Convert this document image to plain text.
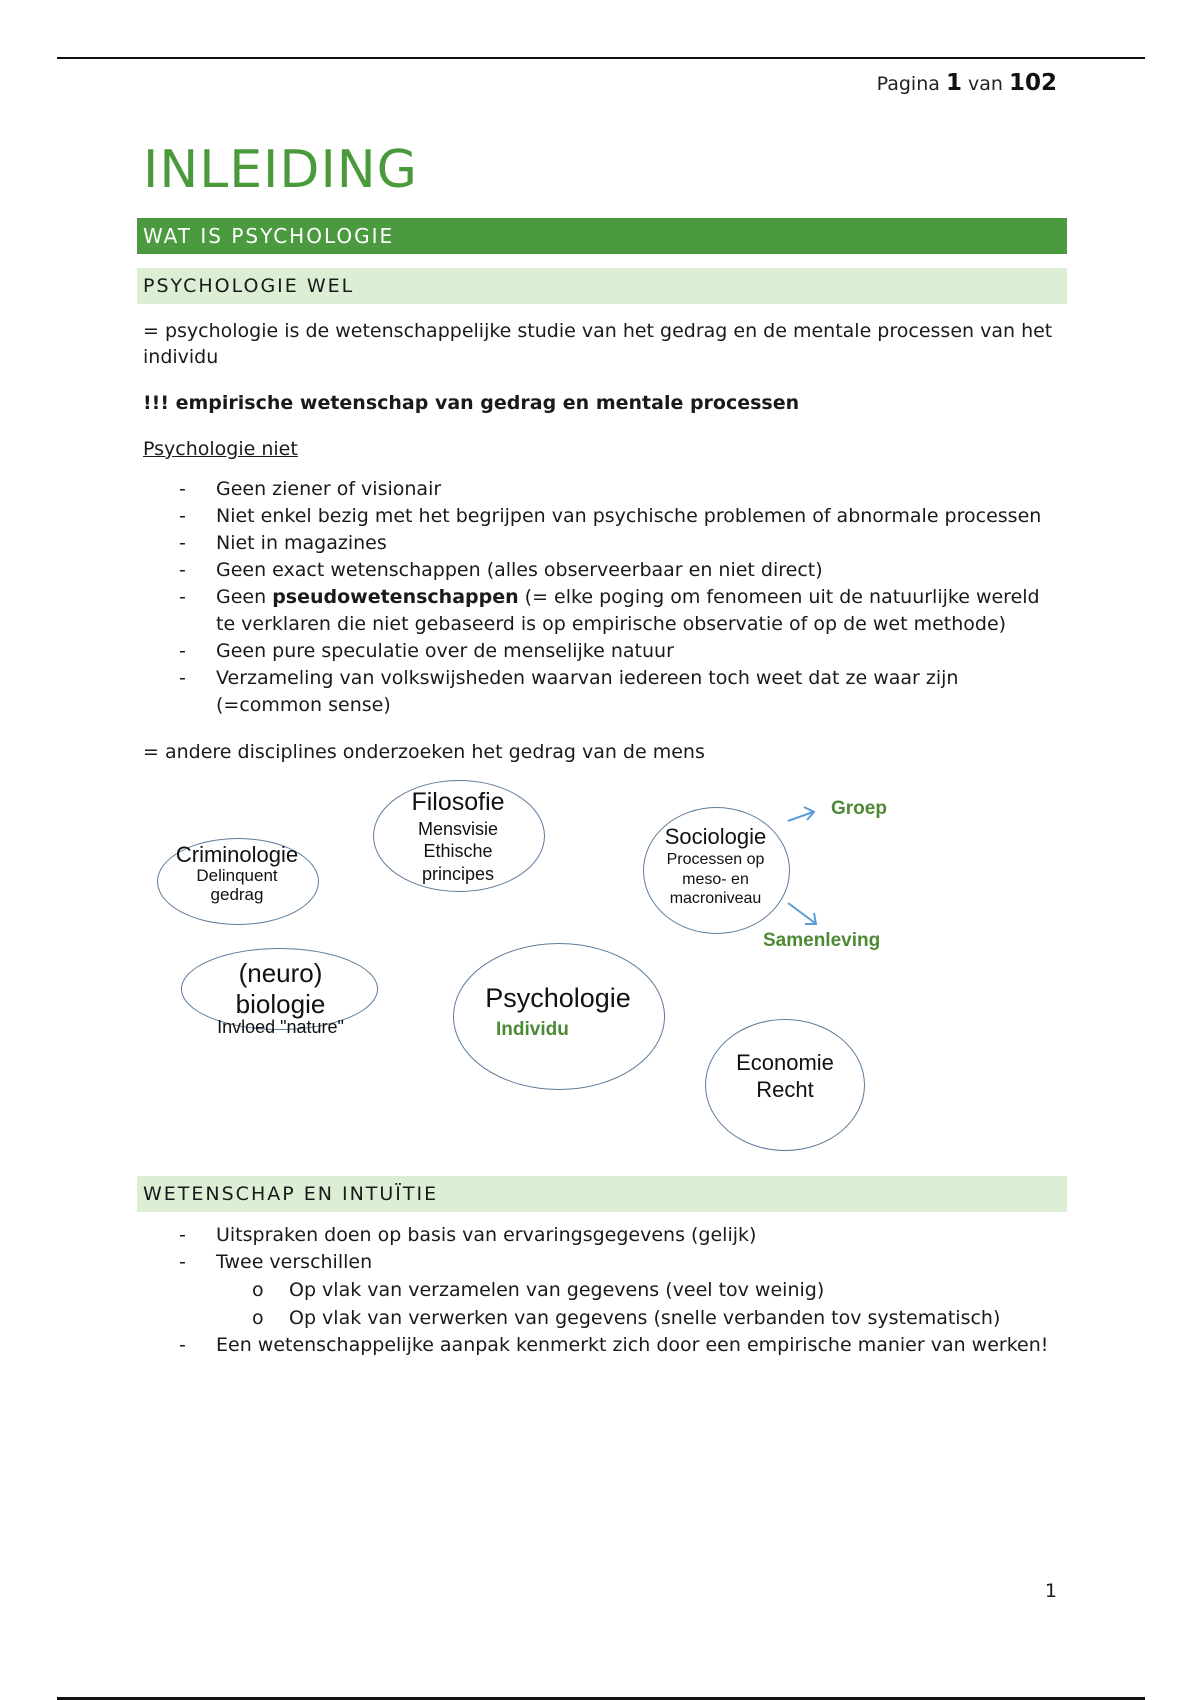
Pagina 1 van 102
INLEIDING
WAT IS PSYCHOLOGIE
PSYCHOLOGIE WEL

= psychologie is de wetenschappelijke studie van het gedrag en de mentale processen van het individu

!!! empirische wetenschap van gedrag en mentale processen

Psychologie niet

- Geen ziener of visionair
- Niet enkel bezig met het begrijpen van psychische problemen of abnormale processen
- Niet in magazines
- Geen exact wetenschappen (alles observeerbaar en niet direct)
- Geen pseudowetenschappen (= elke poging om fenomeen uit de natuurlijke wereld te verklaren die niet gebaseerd is op empirische observatie of op de wet methode)
- Geen pure speculatie over de menselijke natuur
- Verzameling van volkswijsheden waarvan iedereen toch weet dat ze waar zijn (=common sense)

= andere disciplines onderzoeken het gedrag van de mens

Criminologie
Delinquent
gedrag
Filosofie
Mensvisie
Ethische
principes
Sociologie
Processen op
meso- en
macroniveau
Groep
Samenleving
(neuro)
biologie
Invloed "nature"
Psychologie
Individu
Economie
Recht
WETENSCHAP EN INTUÏTIE
- Uitspraken doen op basis van ervaringsgegevens (gelijk)
- Twee verschillen
o Op vlak van verzamelen van gegevens (veel tov weinig)
o Op vlak van verwerken van gegevens (snelle verbanden tov systematisch)
- Een wetenschappelijke aanpak kenmerkt zich door een empirische manier van werken!
1
